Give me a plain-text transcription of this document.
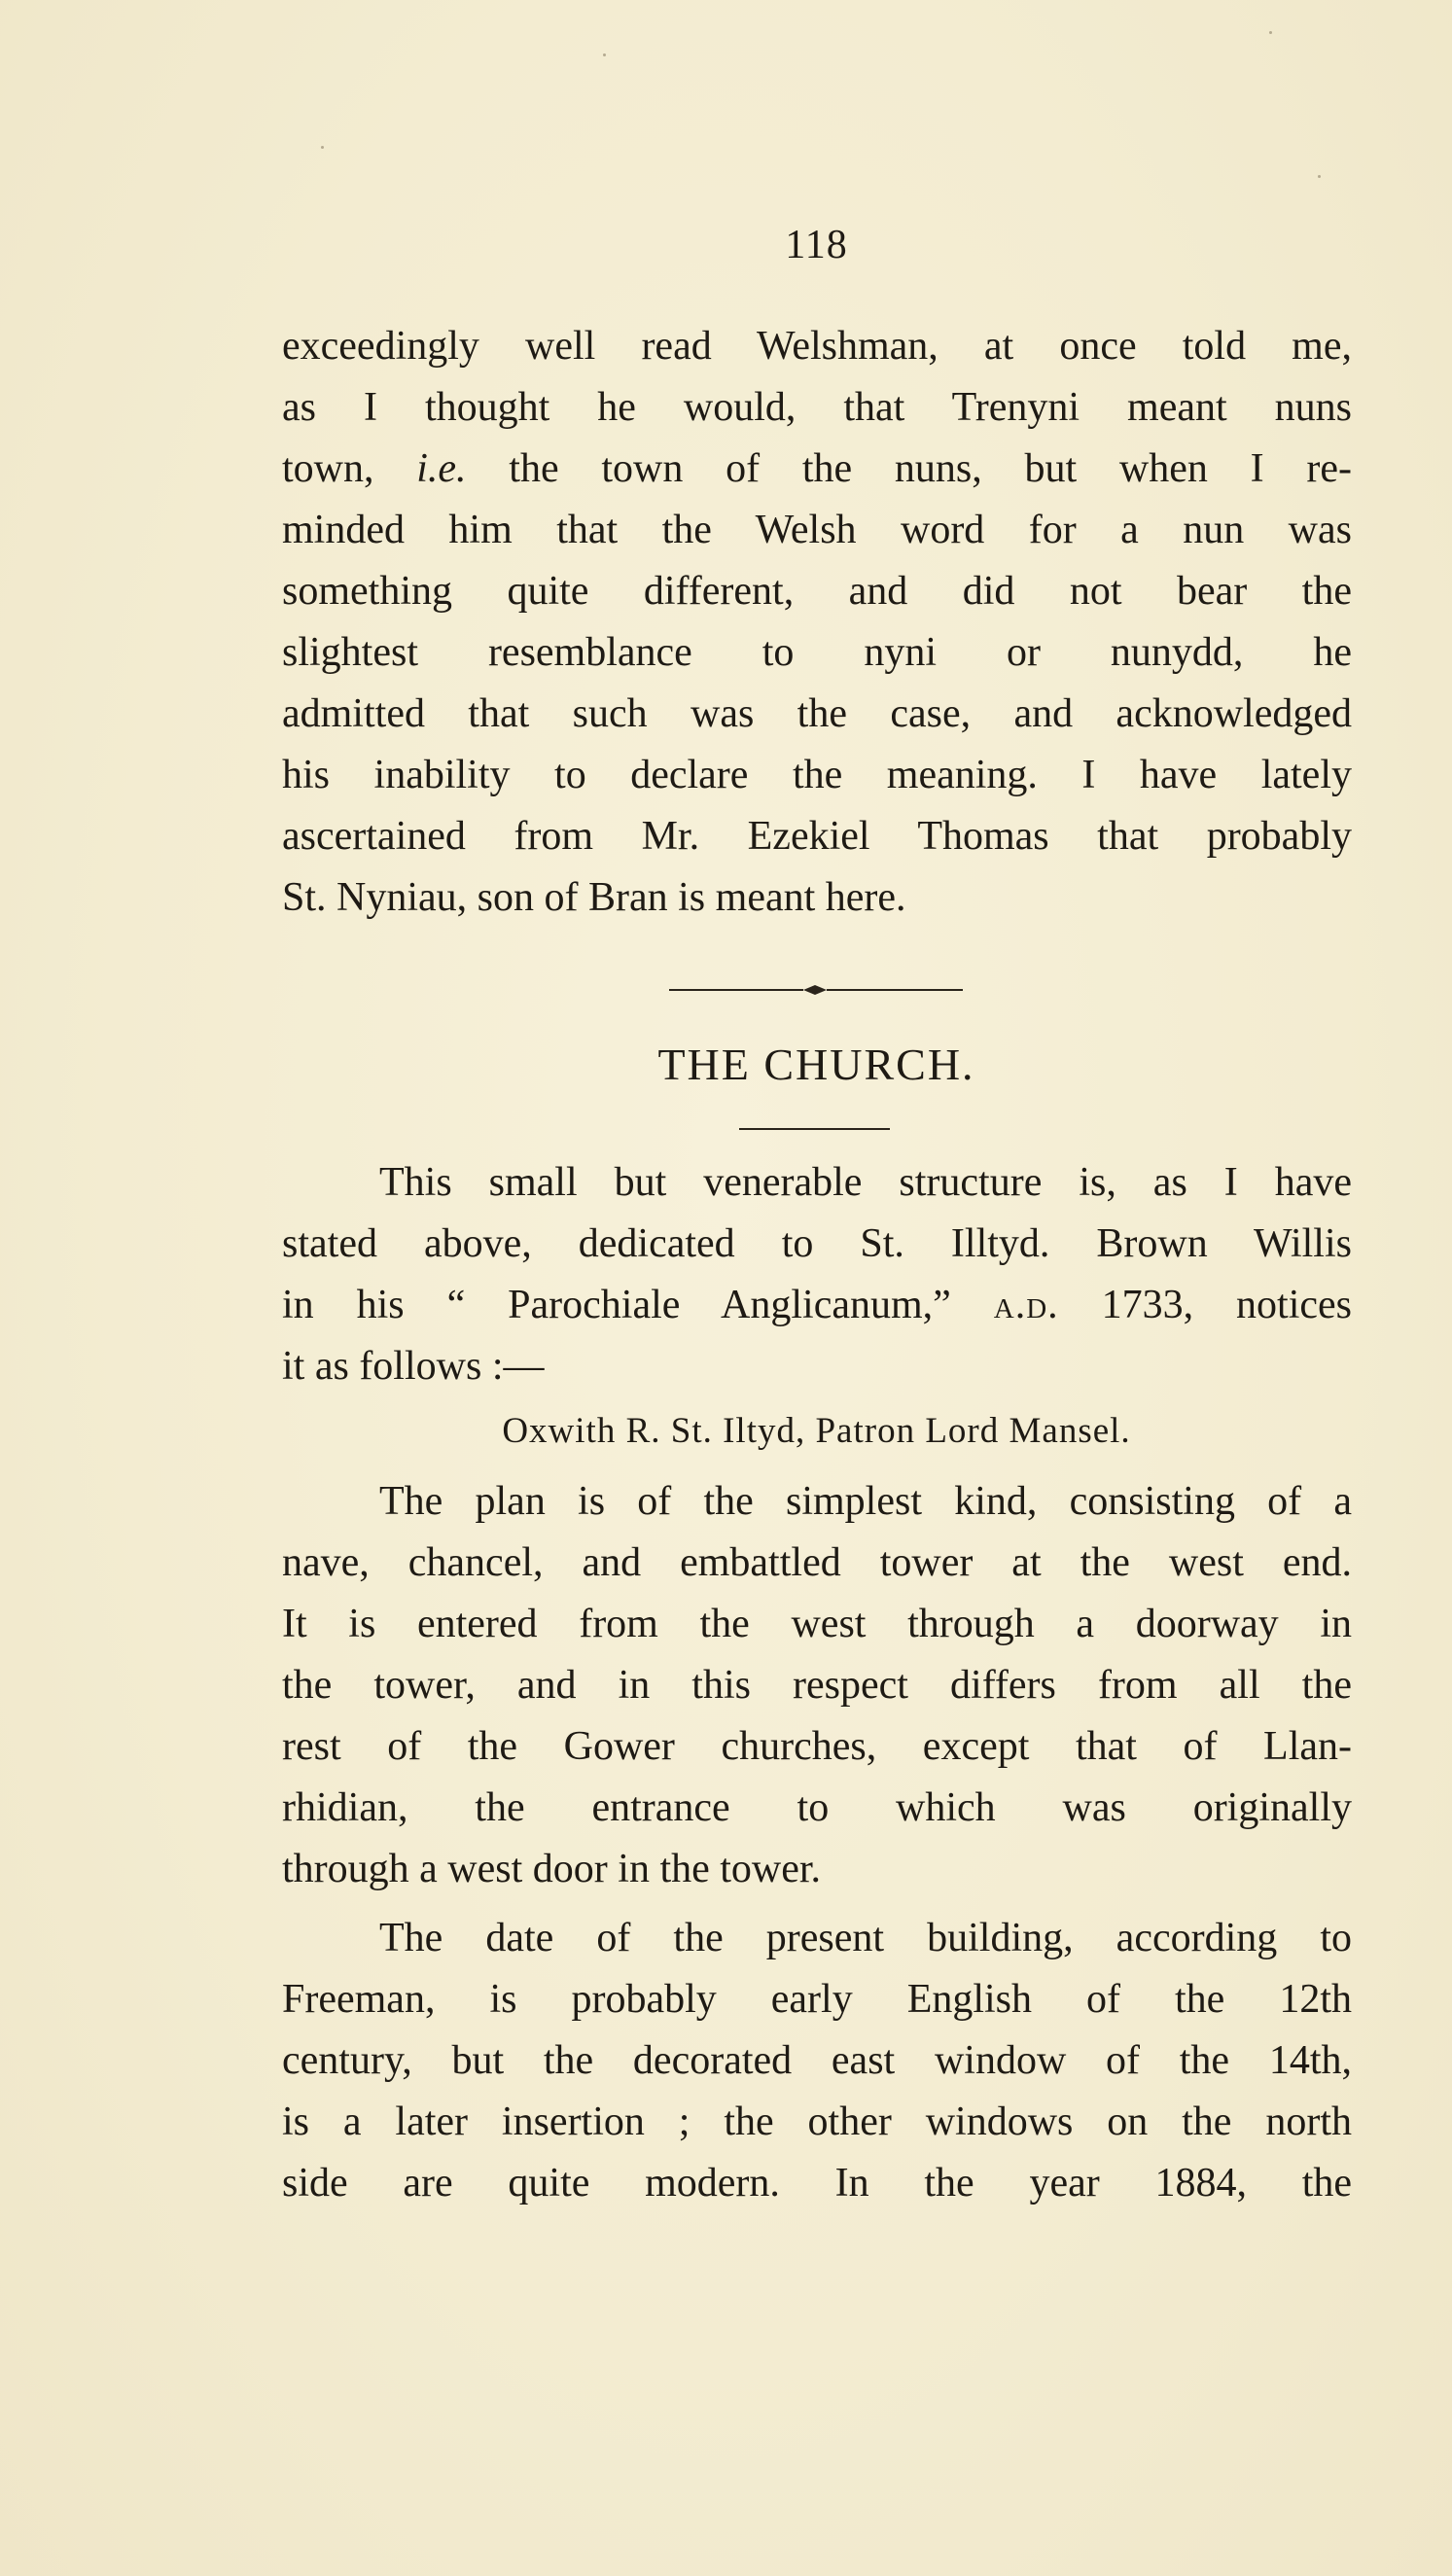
118
exceedingly well read Welshman, at once told me,
as I thought he would, that Trenyni meant nuns
town, i.e. the town of the nuns, but when I re-
minded him that the Welsh word for a nun was
something quite different, and did not bear the
slightest resemblance to nyni or nunydd, he
admitted that such was the case, and acknowledged
his inability to declare the meaning. I have lately
ascertained from Mr. Ezekiel Thomas that probably
St. Nyniau, son of Bran is meant here.
THE CHURCH.
This small but venerable structure is, as I have
stated above, dedicated to St. Illtyd. Brown Willis
in his “ Parochiale Anglicanum,” a.d. 1733, notices
it as follows :—
Oxwith R. St. Iltyd, Patron Lord Mansel.
The plan is of the simplest kind, consisting of a
nave, chancel, and embattled tower at the west end.
It is entered from the west through a doorway in
the tower, and in this respect differs from all the
rest of the Gower churches, except that of Llan-
rhidian, the entrance to which was originally
through a west door in the tower.
The date of the present building, according to
Freeman, is probably early English of the 12th
century, but the decorated east window of the 14th,
is a later insertion ; the other windows on the north
side are quite modern. In the year 1884, the
